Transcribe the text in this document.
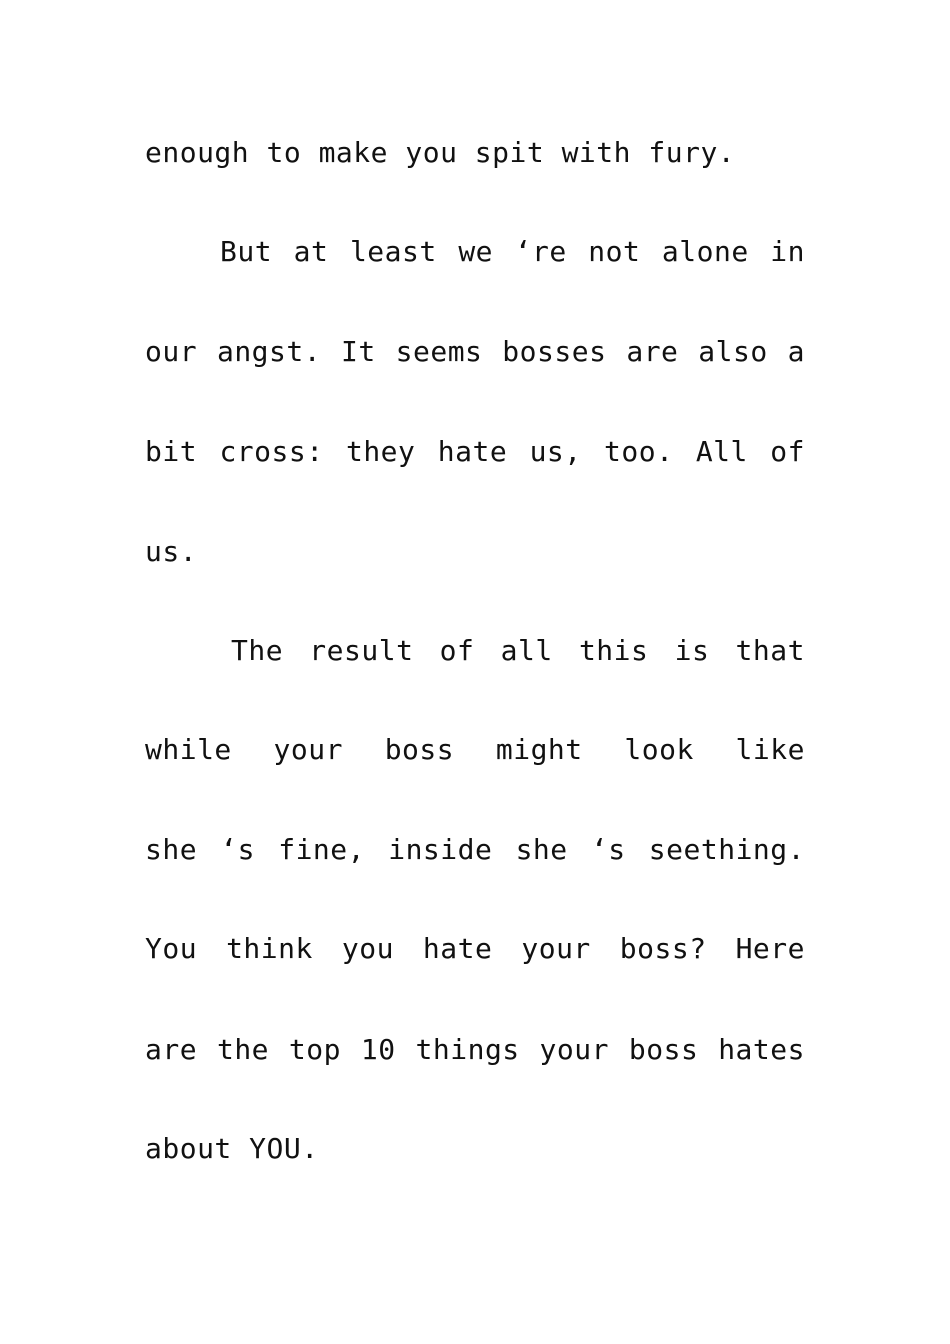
enough to make you spit with fury.
But at least we ‘re not alone in
our angst. It seems bosses are also a
bit cross: they hate us, too. All of
us.
The result of all this is that
while your boss might look like
she ‘s fine, inside she ‘s seething.
You think you hate your boss? Here
are the top 10 things your boss hates
about YOU.
